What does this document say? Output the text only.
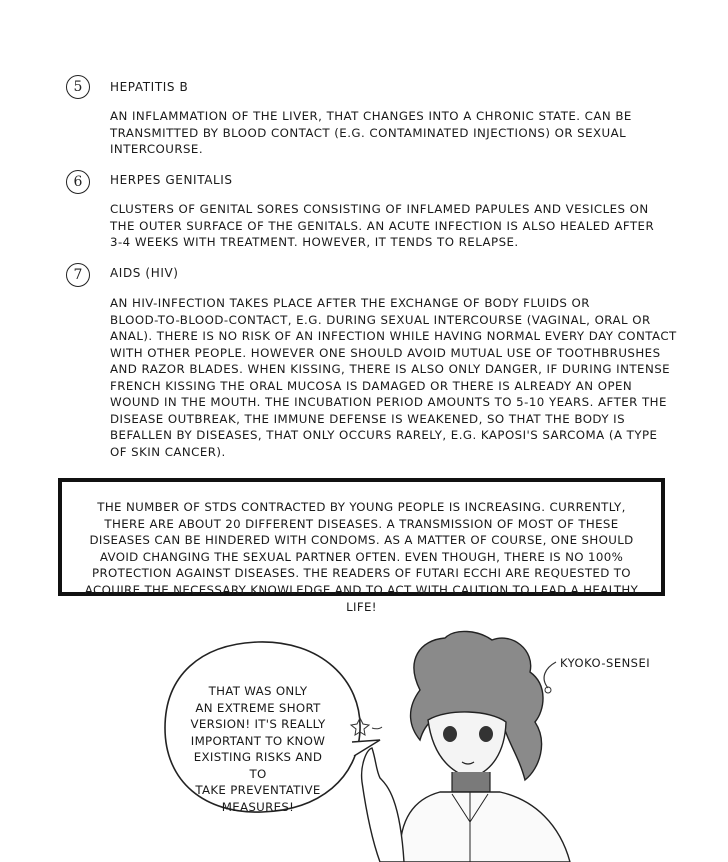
5	HEPATITIS B
AN INFLAMMATION OF THE LIVER, THAT CHANGES INTO A CHRONIC STATE. CAN BE
TRANSMITTED BY BLOOD CONTACT (E.G. CONTAMINATED INJECTIONS) OR SEXUAL
INTERCOURSE.
6	HERPES GENITALIS
CLUSTERS OF GENITAL SORES CONSISTING OF INFLAMED PAPULES AND VESICLES ON
THE OUTER SURFACE OF THE GENITALS. AN ACUTE INFECTION IS ALSO HEALED AFTER
3-4 WEEKS WITH TREATMENT. HOWEVER, IT TENDS TO RELAPSE.
7	AIDS (HIV)
AN HIV-INFECTION TAKES PLACE AFTER THE EXCHANGE OF BODY FLUIDS OR
BLOOD-TO-BLOOD-CONTACT, E.G. DURING SEXUAL INTERCOURSE (VAGINAL, ORAL OR
ANAL). THERE IS NO RISK OF AN INFECTION WHILE HAVING NORMAL EVERY DAY CONTACT
WITH OTHER PEOPLE. HOWEVER ONE SHOULD AVOID MUTUAL USE OF TOOTHBRUSHES
AND RAZOR BLADES. WHEN KISSING, THERE IS ALSO ONLY DANGER, IF DURING INTENSE
FRENCH KISSING THE ORAL MUCOSA IS DAMAGED OR THERE IS ALREADY AN OPEN
WOUND IN THE MOUTH. THE INCUBATION PERIOD AMOUNTS TO 5-10 YEARS. AFTER THE
DISEASE OUTBREAK, THE IMMUNE DEFENSE IS WEAKENED, SO THAT THE BODY IS
BEFALLEN BY DISEASES, THAT ONLY OCCURS RARELY, E.G. KAPOSI'S SARCOMA (A TYPE
OF SKIN CANCER).
THE NUMBER OF STDS CONTRACTED BY YOUNG PEOPLE IS INCREASING. CURRENTLY,
THERE ARE ABOUT 20 DIFFERENT DISEASES. A TRANSMISSION OF MOST OF THESE
DISEASES CAN BE HINDERED WITH CONDOMS. AS A MATTER OF COURSE, ONE SHOULD
AVOID CHANGING THE SEXUAL PARTNER OFTEN. EVEN THOUGH, THERE IS NO 100%
PROTECTION AGAINST DISEASES. THE READERS OF FUTARI ECCHI ARE REQUESTED TO
ACQUIRE THE NECESSARY KNOWLEDGE AND TO ACT WITH CAUTION TO LEAD A HEALTHY LIFE!
THAT WAS ONLY
AN EXTREME SHORT
VERSION! IT'S REALLY
IMPORTANT TO KNOW
EXISTING RISKS AND TO
TAKE PREVENTATIVE
MEASURES!
KYOKO-SENSEI
